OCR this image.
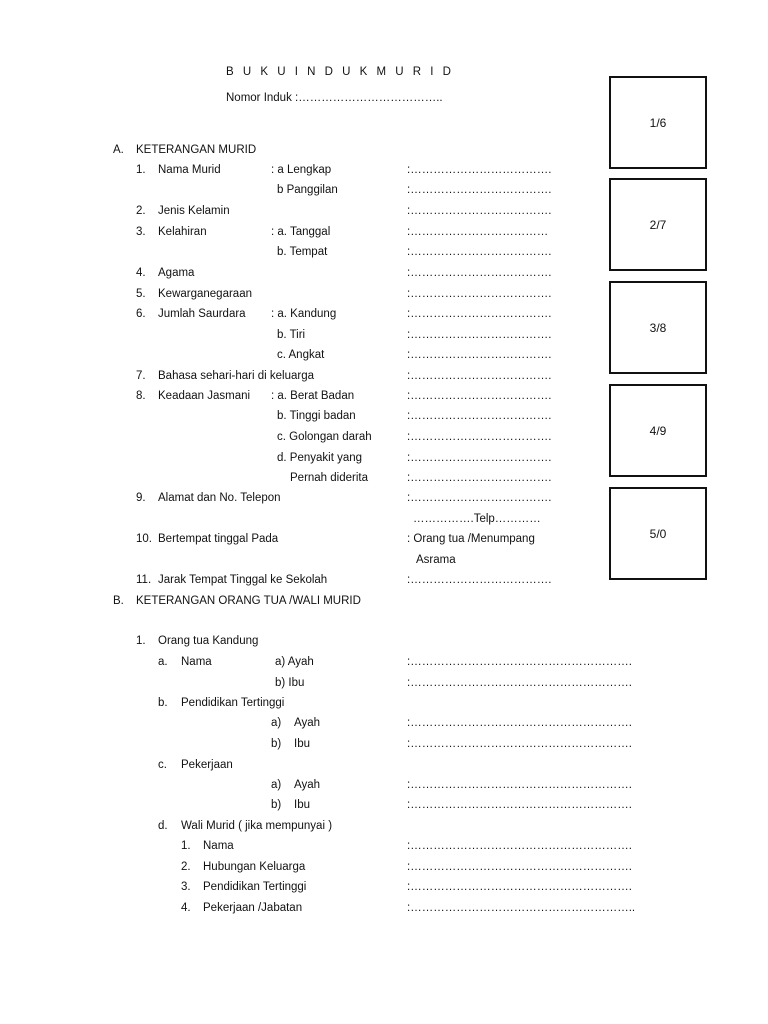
B U K U I N D U K M U R I D
Nomor Induk :………………………………..
1/6
2/7
3/8
4/9
5/0
A. KETERANGAN MURID
1. Nama Murid	: a Lengkap	:……………………………….
b Panggilan	:……………………………….
2. Jenis Kelamin	:……………………………….
3. Kelahiran	: a. Tanggal	:………………………………
b. Tempat	:……………………………….
4. Agama	:……………………………….
5. Kewarganegaraan	:……………………………….
6. Jumlah Saurdara : a. Kandung	:……………………………….
b. Tiri	:……………………………….
c. Angkat	:……………………………….
7. Bahasa sehari-hari di keluarga	:……………………………….
8. Keadaan Jasmani : a. Berat Badan	:……………………………….
b. Tinggi badan	:……………………………….
c. Golongan darah	:……………………………….
d. Penyakit yang	:……………………………….
Pernah diderita	:……………………………….
9. Alamat dan No. Telepon	:……………………………….
…………….Telp…………
10. Bertempat tinggal Pada	: Orang tua /Menumpang
Asrama
11. Jarak Tempat Tinggal ke Sekolah	:……………………………….
B. KETERANGAN ORANG TUA /WALI MURID
1. Orang tua Kandung
a. Nama	a) Ayah	:………………………………………………….
b) Ibu	:………………………………………………….
b. Pendidikan Tertinggi
a) Ayah	:………………………………………………….
b) Ibu	:………………………………………………….
c. Pekerjaan
a) Ayah	:………………………………………………….
b) Ibu	:………………………………………………….
d. Wali Murid ( jika mempunyai )
1. Nama	:………………………………………………….
2. Hubungan Keluarga	:………………………………………………….
3. Pendidikan Tertinggi	:………………………………………………….
4. Pekerjaan /Jabatan	:…………………………………………………..
